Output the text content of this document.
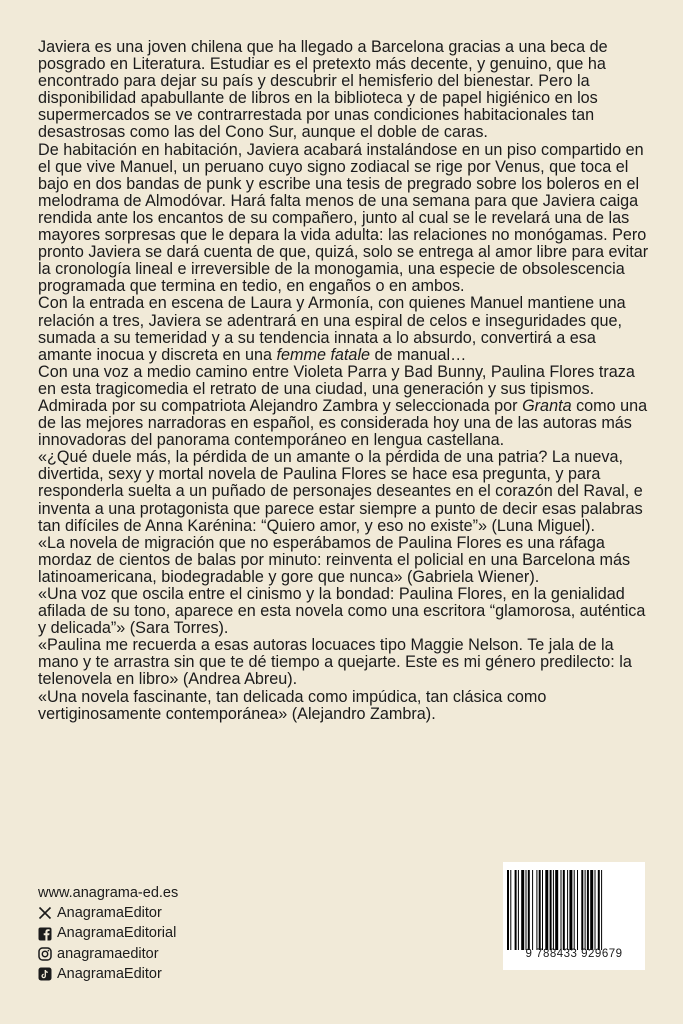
Javiera es una joven chilena que ha llegado a Barcelona gracias a una beca de posgrado en Literatura. Estudiar es el pretexto más decente, y genuino, que ha encontrado para dejar su país y descubrir el hemisferio del bienestar. Pero la disponibilidad apabullante de libros en la biblioteca y de papel higiénico en los supermercados se ve contrarrestada por unas condiciones habitacionales tan desastrosas como las del Cono Sur, aunque el doble de caras.

De habitación en habitación, Javiera acabará instalándose en un piso compartido en el que vive Manuel, un peruano cuyo signo zodiacal se rige por Venus, que toca el bajo en dos bandas de punk y escribe una tesis de pregrado sobre los boleros en el melodrama de Almodóvar. Hará falta menos de una semana para que Javiera caiga rendida ante los encantos de su compañero, junto al cual se le revelará una de las mayores sorpresas que le depara la vida adulta: las relaciones no monógamas. Pero pronto Javiera se dará cuenta de que, quizá, solo se entrega al amor libre para evitar la cronología lineal e irreversible de la monogamia, una especie de obsolescencia programada que termina en tedio, en engaños o en ambos.

Con la entrada en escena de Laura y Armonía, con quienes Manuel mantiene una relación a tres, Javiera se adentrará en una espiral de celos e inseguridades que, sumada a su temeridad y a su tendencia innata a lo absurdo, convertirá a esa amante inocua y discreta en una femme fatale de manual…

Con una voz a medio camino entre Violeta Parra y Bad Bunny, Paulina Flores traza en esta tragicomedia el retrato de una ciudad, una generación y sus tipismos. Admirada por su compatriota Alejandro Zambra y seleccionada por Granta como una de las mejores narradoras en español, es considerada hoy una de las autoras más innovadoras del panorama contemporáneo en lengua castellana.

«¿Qué duele más, la pérdida de un amante o la pérdida de una patria? La nueva, divertida, sexy y mortal novela de Paulina Flores se hace esa pregunta, y para responderla suelta a un puñado de personajes deseantes en el corazón del Raval, e inventa a una protagonista que parece estar siempre a punto de decir esas palabras tan difíciles de Anna Karénina: “Quiero amor, y eso no existe”» (Luna Miguel).

«La novela de migración que no esperábamos de Paulina Flores es una ráfaga mordaz de cientos de balas por minuto: reinventa el policial en una Barcelona más latinoamericana, biodegradable y gore que nunca» (Gabriela Wiener).

«Una voz que oscila entre el cinismo y la bondad: Paulina Flores, en la genialidad afilada de su tono, aparece en esta novela como una escritora “glamorosa, auténtica y delicada”» (Sara Torres).

«Paulina me recuerda a esas autoras locuaces tipo Maggie Nelson. Te jala de la mano y te arrastra sin que te dé tiempo a quejarte. Este es mi género predilecto: la telenovela en libro» (Andrea Abreu).

«Una novela fascinante, tan delicada como impúdica, tan clásica como vertiginosamente contemporánea» (Alejandro Zambra).

www.anagrama-ed.es
AnagramaEditor
AnagramaEditorial
anagramaeditor
AnagramaEditor
9 788433 929679
